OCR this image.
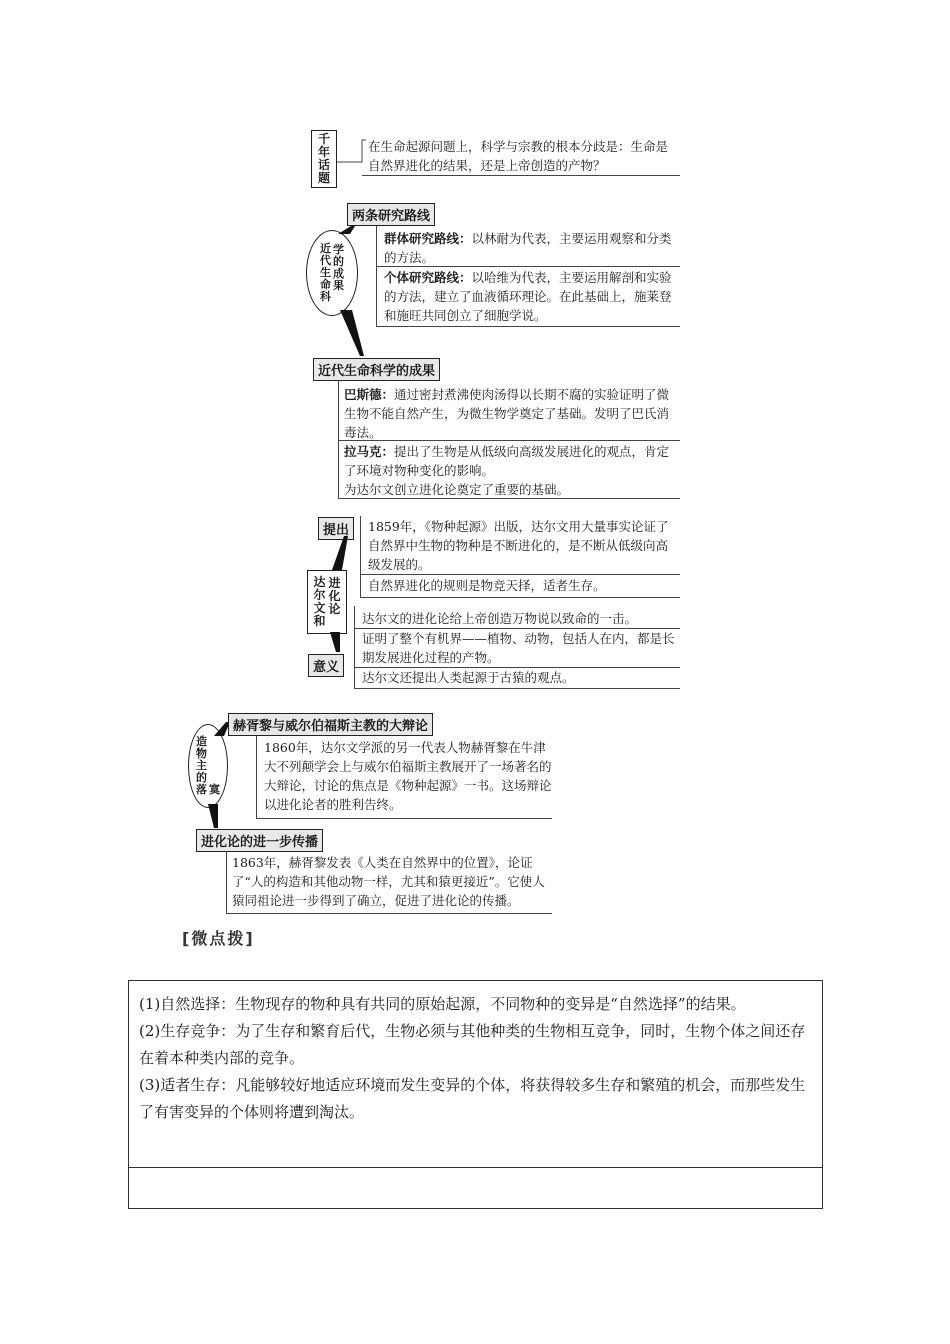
千
年
话
题
在生命起源问题上，科学与宗教的根本分歧是：生命是自然界进化的结果，还是上帝创造的产物？
近
代
生
命
科
学
的
成
果
两条研究路线
群体研究路线：以林耐为代表，主要运用观察和分类的方法。
个体研究路线：以哈维为代表，主要运用解剖和实验的方法，建立了血液循环理论。在此基础上，施莱登和施旺共同创立了细胞学说。
近代生命科学的成果
巴斯德：通过密封煮沸使肉汤得以长期不腐的实验证明了微生物不能自然产生，为微生物学奠定了基础。发明了巴氏消毒法。
拉马克：提出了生物是从低级向高级发展进化的观点，肯定了环境对物种变化的影响。
为达尔文创立进化论奠定了重要的基础。
提出
达
尔
文
和
进
化
论
意义
1859年，《物种起源》出版，达尔文用大量事实论证了自然界中生物的物种是不断进化的，是不断从低级向高级发展的。
自然界进化的规则是物竞天择，适者生存。
达尔文的进化论给上帝创造万物说以致命的一击。
证明了整个有机界——植物、动物，包括人在内，都是长期发展进化过程的产物。
达尔文还提出人类起源于古猿的观点。
造
物
主
的
落 寞
赫胥黎与威尔伯福斯主教的大辩论
1860年，达尔文学派的另一代表人物赫胥黎在牛津大不列颠学会上与威尔伯福斯主教展开了一场著名的大辩论，讨论的焦点是《物种起源》一书。这场辩论以进化论者的胜利告终。
进化论的进一步传播
1863年，赫胥黎发表《人类在自然界中的位置》，论证了“人的构造和其他动物一样，尤其和猿更接近”。它使人猿同祖论进一步得到了确立，促进了进化论的传播。
[微点拨]

(1)自然选择：生物现存的物种具有共同的原始起源，不同物种的变异是“自然选择”的结果。

(2)生存竞争：为了生存和繁育后代，生物必须与其他种类的生物相互竞争，同时，生物个体之间还存在着本种类内部的竞争。

(3)适者生存：凡能够较好地适应环境而发生变异的个体，将获得较多生存和繁殖的机会，而那些发生了有害变异的个体则将遭到淘汰。
